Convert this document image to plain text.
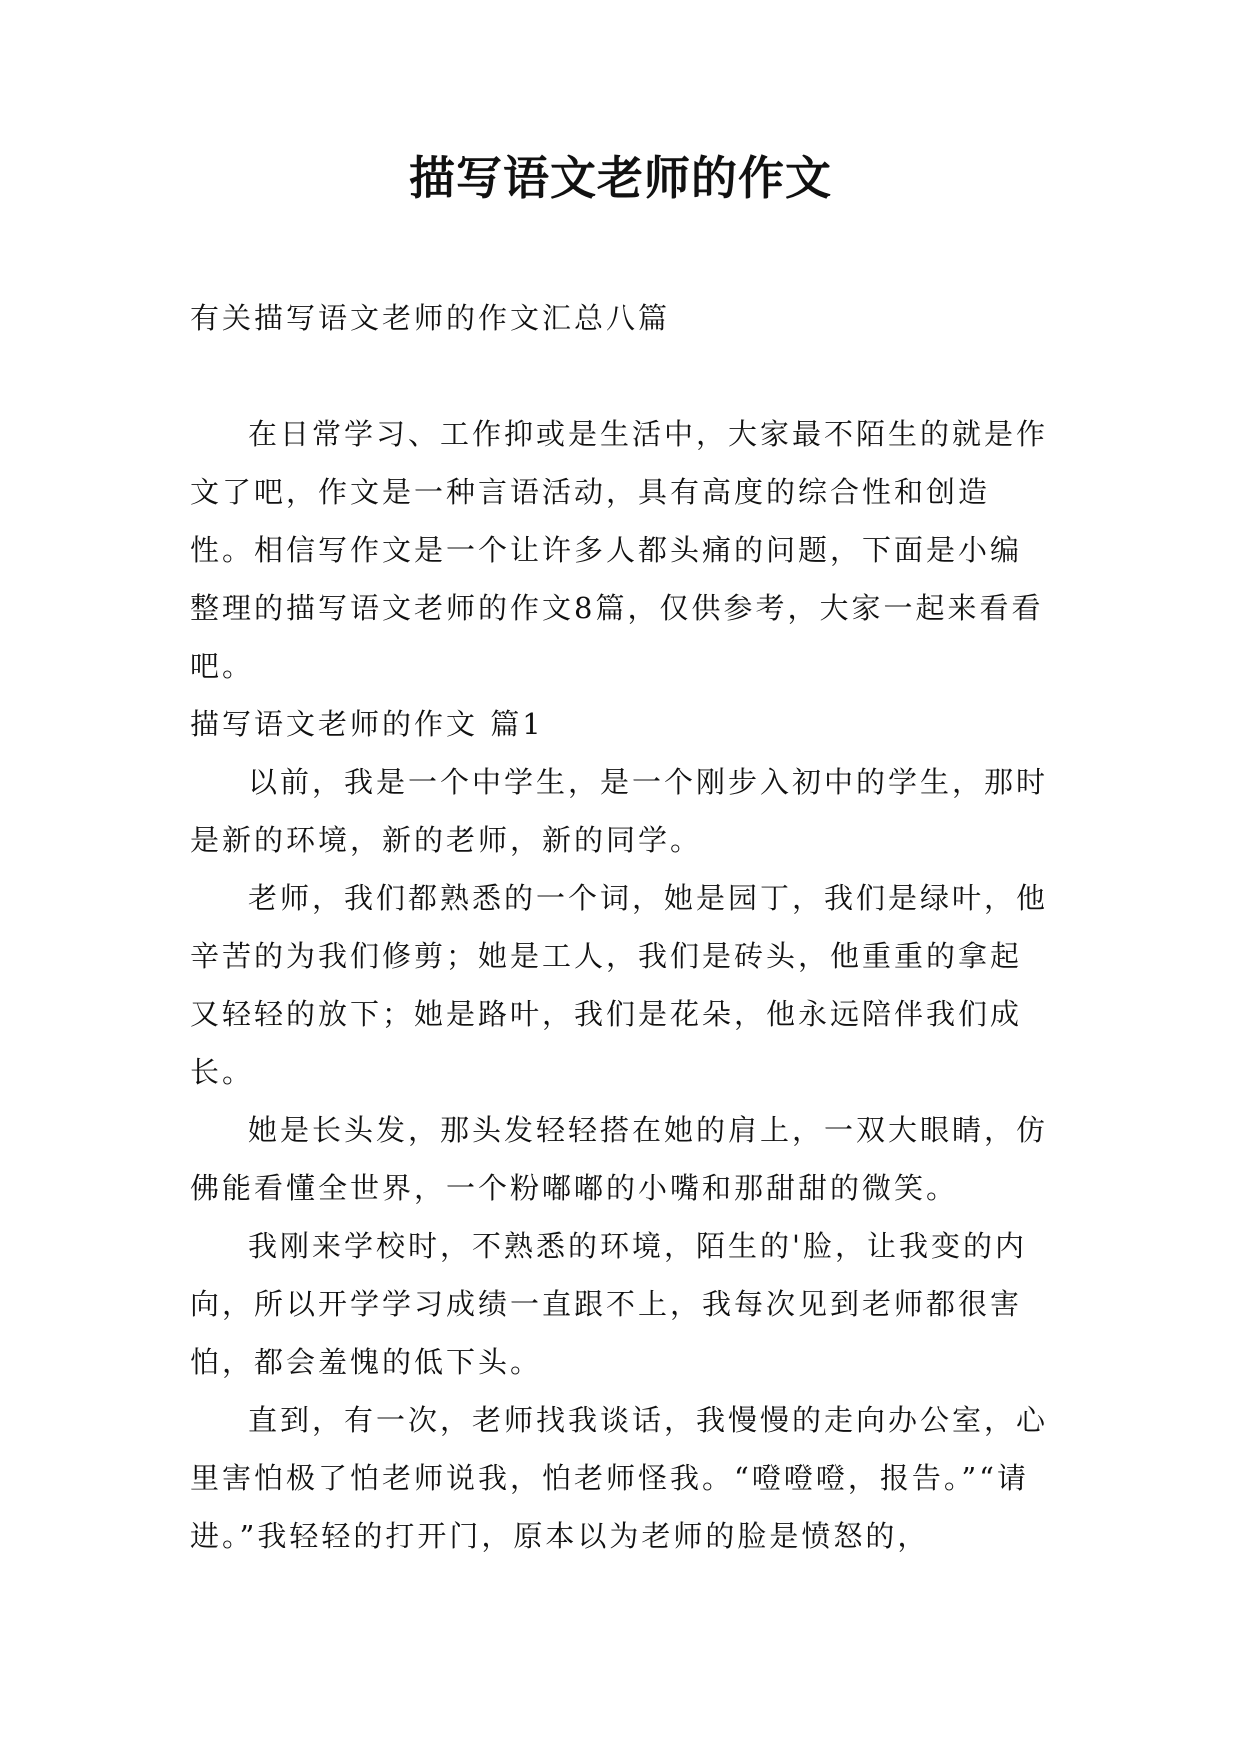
描写语文老师的作文

有关描写语文老师的作文汇总八篇

在日常学习、工作抑或是生活中，大家最不陌生的就是作文了吧，作文是一种言语活动，具有高度的综合性和创造性。相信写作文是一个让许多人都头痛的问题，下面是小编整理的描写语文老师的作文8篇，仅供参考，大家一起来看看吧。

描写语文老师的作文 篇1

以前，我是一个中学生，是一个刚步入初中的学生，那时是新的环境，新的老师，新的同学。

老师，我们都熟悉的一个词，她是园丁，我们是绿叶，他辛苦的为我们修剪；她是工人，我们是砖头，他重重的拿起又轻轻的放下；她是路叶，我们是花朵，他永远陪伴我们成长。

她是长头发，那头发轻轻搭在她的肩上，一双大眼睛，仿佛能看懂全世界，一个粉嘟嘟的小嘴和那甜甜的微笑。

我刚来学校时，不熟悉的环境，陌生的'脸，让我变的内向，所以开学学习成绩一直跟不上，我每次见到老师都很害怕，都会羞愧的低下头。

直到，有一次，老师找我谈话，我慢慢的走向办公室，心里害怕极了怕老师说我，怕老师怪我。“噔噔噔，报告。”“请进。”我轻轻的打开门，原本以为老师的脸是愤怒的，
